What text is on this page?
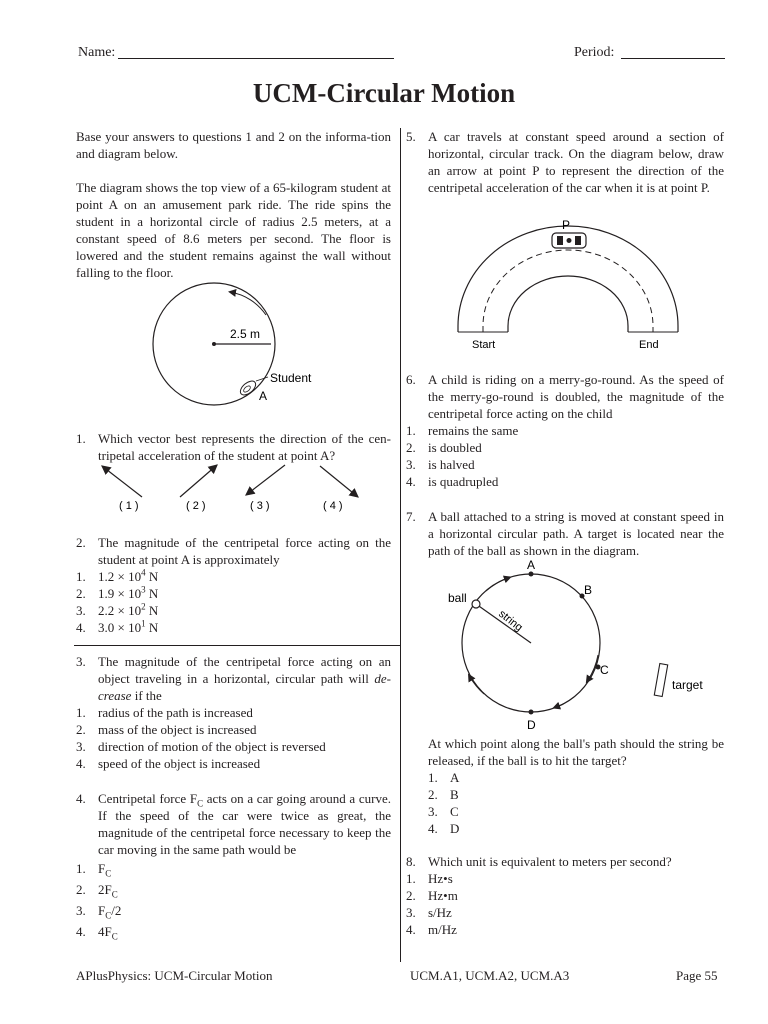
Name:	Period:
UCM-Circular Motion
Base your answers to questions 1 and 2 on the informa-tion and diagram below.
The diagram shows the top view of a 65-kilogram student at point A on an amusement park ride. The ride spins the student in a horizontal circle of radius 2.5 meters, at a constant speed of 8.6 meters per second. The floor is lowered and the student remains against the wall without falling to the floor.
2.5 m
Student
A
1. Which vector best represents the direction of the cen-tripetal acceleration of the student at point A?
( 1 )	( 2 )	( 3 )	( 4 )
2. The magnitude of the centripetal force acting on the student at point A is approximately
1. $1.2 \times 10^4$ N
2. $1.9 \times 10^3$ N
3. $2.2 \times 10^2$ N
4. $3.0 \times 10^1$ N
3. The magnitude of the centripetal force acting on an object traveling in a horizontal, circular path will de-crease if the
1. radius of the path is increased
2. mass of the object is increased
3. direction of motion of the object is reversed
4. speed of the object is increased
4. Centripetal force $F_C$ acts on a car going around a curve. If the speed of the car were twice as great, the magnitude of the centripetal force necessary to keep the car moving in the same path would be
1. $F_C$
2. $2F_C$
3. $F_C/2$
4. $4F_C$
5. A car travels at constant speed around a section of horizontal, circular track. On the diagram below, draw an arrow at point P to represent the direction of the centripetal acceleration of the car when it is at point P.
P
Start	End
6. A child is riding on a merry-go-round. As the speed of the merry-go-round is doubled, the magnitude of the centripetal force acting on the child
1. remains the same
2. is doubled
3. is halved
4. is quadrupled
7. A ball attached to a string is moved at constant speed in a horizontal circular path. A target is located near the path of the ball as shown in the diagram.
ball
string
A
B
C
D
target
At which point along the ball's path should the string be released, if the ball is to hit the target?
1. A
2. B
3. C
4. D
8. Which unit is equivalent to meters per second?
1. Hz•s
2. Hz•m
3. s/Hz
4. m/Hz
APlusPhysics: UCM-Circular Motion	UCM.A1, UCM.A2, UCM.A3	Page 55
